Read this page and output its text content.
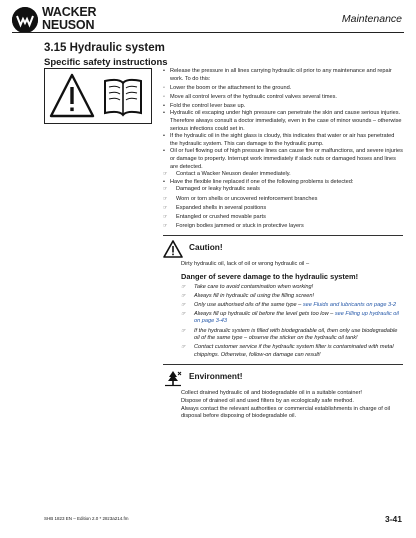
WACKER
NEUSON	Maintenance
3.15 Hydraulic system
Specific safety instructions
• Release the pressure in all lines carrying hydraulic oil prior to any maintenance and repair work. To do this:
◦ Lower the boom or the attachment to the ground.
◦ Move all control levers of the hydraulic control valves several times.
• Fold the control lever base up.
• Hydraulic oil escaping under high pressure can penetrate the skin and cause serious injuries. Therefore always consult a doctor immediately, even in the case of minor wounds – otherwise serious infections could set in.
• If the hydraulic oil in the sight glass is cloudy, this indicates that water or air has penetrated the hydraulic system. This can damage to the hydraulic pump.
• Oil or fuel flowing out of high pressure lines can cause fire or malfunctions, and severe injuries or damage to property. Interrupt work immediately if slack nuts or damaged hoses and lines are detected.
☞ Contact a Wacker Neuson dealer immediately.
• Have the flexible line replaced if one of the following problems is detected:
☞ Damaged or leaky hydraulic seals
☞ Worn or torn shells or uncovered reinforcement branches
☞ Expanded shells in several positions
☞ Entangled or crushed movable parts
☞ Foreign bodies jammed or stuck in protective layers
Caution!
Dirty hydraulic oil, lack of oil or wrong hydraulic oil –
Danger of severe damage to the hydraulic system!
☞ Take care to avoid contamination when working!
☞ Always fill in hydraulic oil using the filling screen!
☞ Only use authorised oils of the same type – see Fluids and lubricants on page 3-2
☞ Always fill up hydraulic oil before the level gets too low – see Filling up hydraulic oil on page 3-43
☞ If the hydraulic system is filled with biodegradable oil, then only use biodegradable oil of the same type – observe the sticker on the hydraulic oil tank!
☞ Contact customer service if the hydraulic system filter is contaminated with metal chippings. Otherwise, follow-on damage can result!
Environment!
Collect drained hydraulic oil and biodegradable oil in a suitable container!
Dispose of drained oil and used filters by an ecologically safe method.
Always contact the relevant authorities or commercial establishments in charge of oil disposal before disposing of biodegradable oil.
SHB 1823 EN – Edition 2.0 * 28z3a214.fm	3-41
